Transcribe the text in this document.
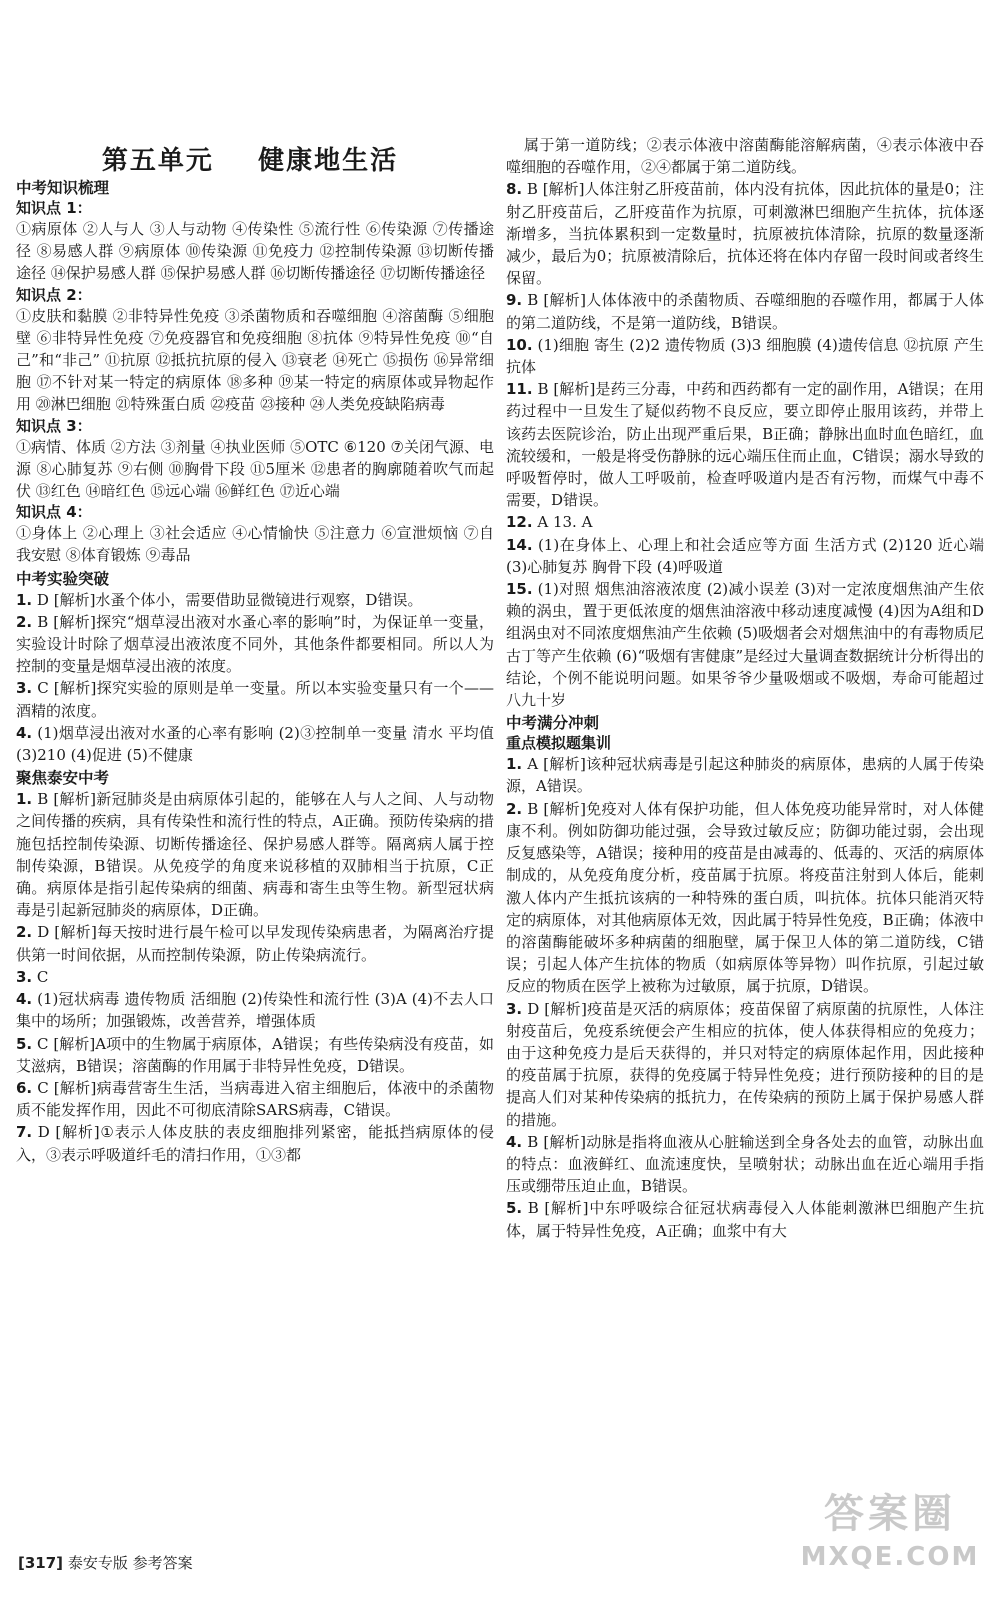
第五单元    健康地生活
中考知识梳理
知识点 1：
①病原体 ②人与人 ③人与动物 ④传染性 ⑤流行性 ⑥传染源 ⑦传播途径 ⑧易感人群 ⑨病原体 ⑩传染源 ⑪免疫力 ⑫控制传染源 ⑬切断传播途径 ⑭保护易感人群 ⑮保护易感人群 ⑯切断传播途径 ⑰切断传播途径
知识点 2：
①皮肤和黏膜 ②非特异性免疫 ③杀菌物质和吞噬细胞 ④溶菌酶 ⑤细胞壁 ⑥非特异性免疫 ⑦免疫器官和免疫细胞 ⑧抗体 ⑨特异性免疫 ⑩“自己”和“非己” ⑪抗原 ⑫抵抗抗原的侵入 ⑬衰老 ⑭死亡 ⑮损伤 ⑯异常细胞 ⑰不针对某一特定的病原体 ⑱多种 ⑲某一特定的病原体或异物起作用 ⑳淋巴细胞 ㉑特殊蛋白质 ㉒疫苗 ㉓接种 ㉔人类免疫缺陷病毒
知识点 3：
①病情、体质 ②方法 ③剂量 ④执业医师 ⑤OTC ⑥120 ⑦关闭气源、电源 ⑧心肺复苏 ⑨右侧 ⑩胸骨下段 ⑪5厘米 ⑫患者的胸廓随着吹气而起伏 ⑬红色 ⑭暗红色 ⑮远心端 ⑯鲜红色 ⑰近心端
知识点 4：
①身体上 ②心理上 ③社会适应 ④心情愉快 ⑤注意力 ⑥宣泄烦恼 ⑦自我安慰 ⑧体育锻炼 ⑨毒品
中考实验突破
1. D [解析]水蚤个体小，需要借助显微镜进行观察，D错误。
2. B [解析]探究“烟草浸出液对水蚤心率的影响”时，为保证单一变量，实验设计时除了烟草浸出液浓度不同外，其他条件都要相同。所以人为控制的变量是烟草浸出液的浓度。
3. C [解析]探究实验的原则是单一变量。所以本实验变量只有一个——酒精的浓度。
4. (1)烟草浸出液对水蚤的心率有影响 (2)③控制单一变量 清水 平均值 (3)210 (4)促进 (5)不健康
聚焦泰安中考
1. B [解析]新冠肺炎是由病原体引起的，能够在人与人之间、人与动物之间传播的疾病，具有传染性和流行性的特点，A正确。预防传染病的措施包括控制传染源、切断传播途径、保护易感人群等。隔离病人属于控制传染源，B错误。从免疫学的角度来说移植的双肺相当于抗原，C正确。病原体是指引起传染病的细菌、病毒和寄生虫等生物。新型冠状病毒是引起新冠肺炎的病原体，D正确。
2. D [解析]每天按时进行晨午检可以早发现传染病患者，为隔离治疗提供第一时间依据，从而控制传染源，防止传染病流行。
3. C
4. (1)冠状病毒 遗传物质 活细胞 (2)传染性和流行性 (3)A (4)不去人口集中的场所；加强锻炼，改善营养，增强体质
5. C [解析]A项中的生物属于病原体，A错误；有些传染病没有疫苗，如艾滋病，B错误；溶菌酶的作用属于非特异性免疫，D错误。
6. C [解析]病毒营寄生生活，当病毒进入宿主细胞后，体液中的杀菌物质不能发挥作用，因此不可彻底清除SARS病毒，C错误。
7. D [解析]①表示人体皮肤的表皮细胞排列紧密，能抵挡病原体的侵入，③表示呼吸道纤毛的清扫作用，①③都
属于第一道防线；②表示体液中溶菌酶能溶解病菌，④表示体液中吞噬细胞的吞噬作用，②④都属于第二道防线。
8. B [解析]人体注射乙肝疫苗前，体内没有抗体，因此抗体的量是0；注射乙肝疫苗后，乙肝疫苗作为抗原，可刺激淋巴细胞产生抗体，抗体逐渐增多，当抗体累积到一定数量时，抗原被抗体清除，抗原的数量逐渐减少，最后为0；抗原被清除后，抗体还将在体内存留一段时间或者终生保留。
9. B [解析]人体体液中的杀菌物质、吞噬细胞的吞噬作用，都属于人体的第二道防线，不是第一道防线，B错误。
10. (1)细胞 寄生 (2)2 遗传物质 (3)3 细胞膜 (4)遗传信息 ⑫抗原 产生抗体
11. B [解析]是药三分毒，中药和西药都有一定的副作用，A错误；在用药过程中一旦发生了疑似药物不良反应，要立即停止服用该药，并带上该药去医院诊治，防止出现严重后果，B正确；静脉出血时血色暗红，血流较缓和，一般是将受伤静脉的远心端压住而止血，C错误；溺水导致的呼吸暂停时，做人工呼吸前，检查呼吸道内是否有污物，而煤气中毒不需要，D错误。
12. A 13. A
14. (1)在身体上、心理上和社会适应等方面 生活方式 (2)120 近心端 (3)心肺复苏 胸骨下段 (4)呼吸道
15. (1)对照 烟焦油溶液浓度 (2)减小误差 (3)对一定浓度烟焦油产生依赖的涡虫，置于更低浓度的烟焦油溶液中移动速度减慢 (4)因为A组和D组涡虫对不同浓度烟焦油产生依赖 (5)吸烟者会对烟焦油中的有毒物质尼古丁等产生依赖 (6)“吸烟有害健康”是经过大量调查数据统计分析得出的结论，个例不能说明问题。如果爷爷少量吸烟或不吸烟，寿命可能超过八九十岁
中考满分冲刺
重点模拟题集训
1. A [解析]该种冠状病毒是引起这种肺炎的病原体，患病的人属于传染源，A错误。
2. B [解析]免疫对人体有保护功能，但人体免疫功能异常时，对人体健康不利。例如防御功能过强，会导致过敏反应；防御功能过弱，会出现反复感染等，A错误；接种用的疫苗是由减毒的、低毒的、灭活的病原体制成的，从免疫角度分析，疫苗属于抗原。将疫苗注射到人体后，能刺激人体内产生抵抗该病的一种特殊的蛋白质，叫抗体。抗体只能消灭特定的病原体，对其他病原体无效，因此属于特异性免疫，B正确；体液中的溶菌酶能破坏多种病菌的细胞壁，属于保卫人体的第二道防线，C错误；引起人体产生抗体的物质（如病原体等异物）叫作抗原，引起过敏反应的物质在医学上被称为过敏原，属于抗原，D错误。
3. D [解析]疫苗是灭活的病原体；疫苗保留了病原菌的抗原性，人体注射疫苗后，免疫系统便会产生相应的抗体，使人体获得相应的免疫力；由于这种免疫力是后天获得的，并只对特定的病原体起作用，因此接种的疫苗属于抗原，获得的免疫属于特异性免疫；进行预防接种的目的是提高人们对某种传染病的抵抗力，在传染病的预防上属于保护易感人群的措施。
4. B [解析]动脉是指将血液从心脏输送到全身各处去的血管，动脉出血的特点：血液鲜红、血流速度快，呈喷射状；动脉出血在近心端用手指压或绷带压迫止血，B错误。
5. B [解析]中东呼吸综合征冠状病毒侵入人体能刺激淋巴细胞产生抗体，属于特异性免疫，A正确；血浆中有大
[317] 泰安专版 参考答案
答案圈
MXQE.COM
